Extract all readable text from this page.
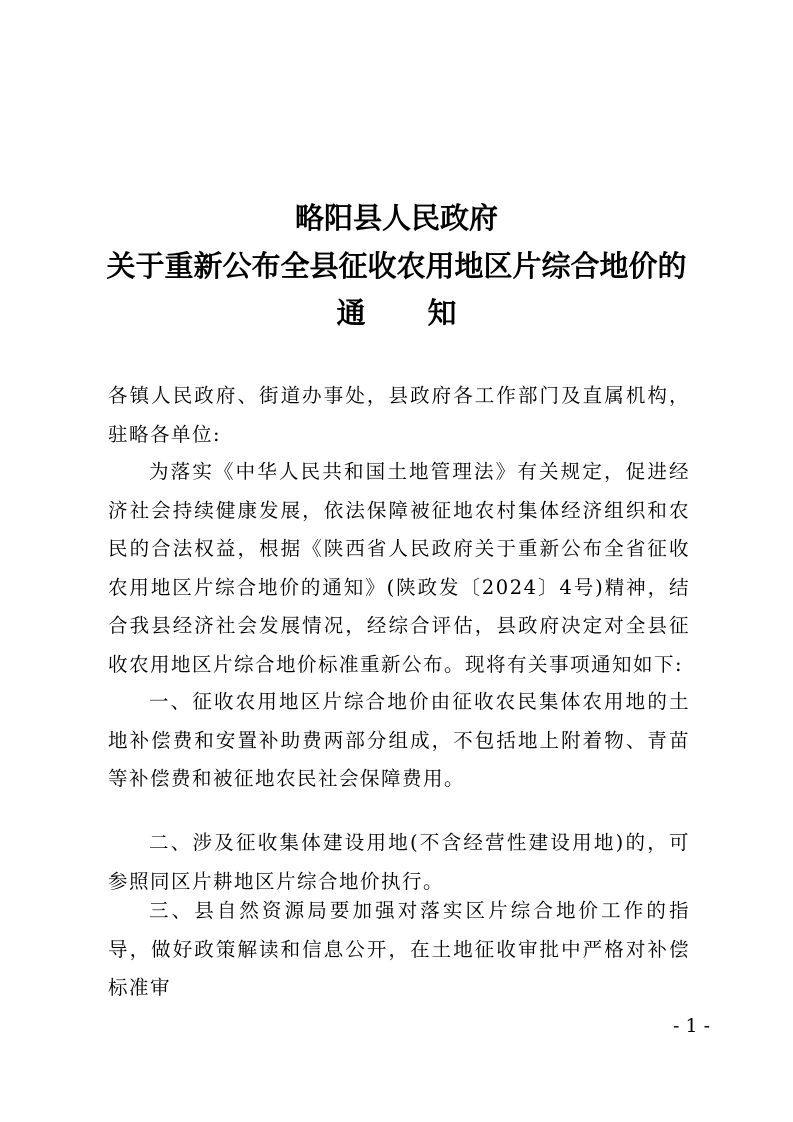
略阳县人民政府
关于重新公布全县征收农用地区片综合地价的
通 知
各镇人民政府、街道办事处，县政府各工作部门及直属机构，驻略各单位:
为落实《中华人民共和国土地管理法》有关规定，促进经济社会持续健康发展，依法保障被征地农村集体经济组织和农民的合法权益，根据《陕西省人民政府关于重新公布全省征收农用地区片综合地价的通知》(陕政发〔2024〕4号)精神，结合我县经济社会发展情况，经综合评估，县政府决定对全县征收农用地区片综合地价标准重新公布。现将有关事项通知如下:
一、征收农用地区片综合地价由征收农民集体农用地的土地补偿费和安置补助费两部分组成，不包括地上附着物、青苗等补偿费和被征地农民社会保障费用。
二、涉及征收集体建设用地(不含经营性建设用地)的，可参照同区片耕地区片综合地价执行。
三、县自然资源局要加强对落实区片综合地价工作的指导，做好政策解读和信息公开，在土地征收审批中严格对补偿标准审
- 1 -
